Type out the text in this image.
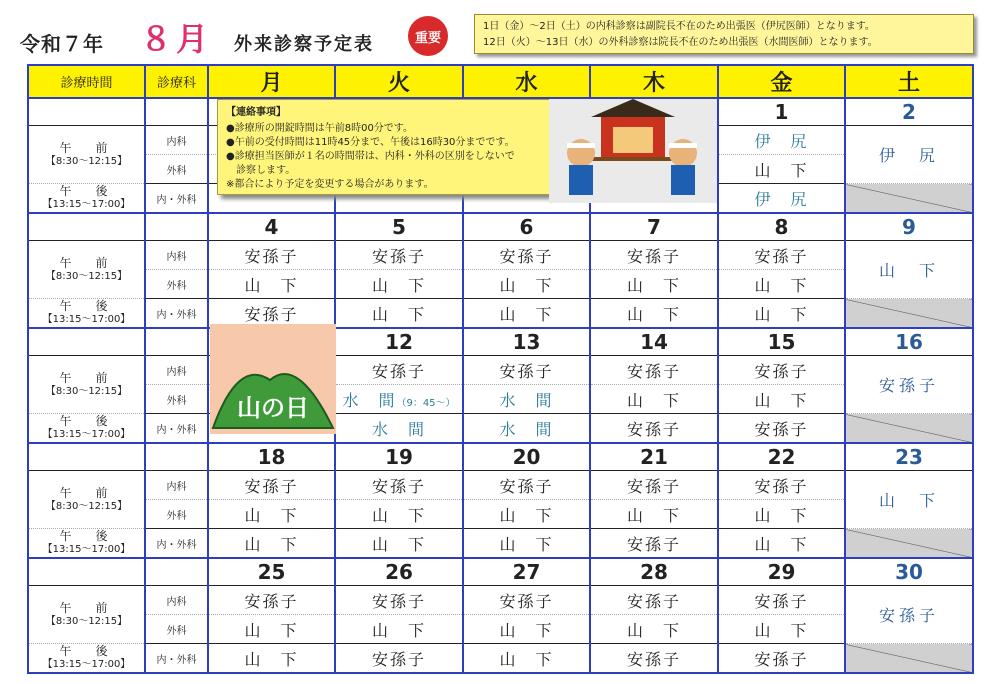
令和７年 ８月 外来診察予定表	重要
1日（金）～2日（土）の内科診察は副院長不在のため出張医（伊尻医師）となります。
12日（火）～13日（水）の外科診察は院長不在のため出張医（水間医師）となります。
診療時間	診療科	月	火	水	木	金	土
						1	2

午　前
【8:30～12:15】	内科					伊　尻	伊　尻
	外科					山　下	

午　後
【13:15～17:00】	内・外科					伊　尻	
		4	5	6	7	8	9

午　前
【8:30～12:15】	内科	安孫子	安孫子	安孫子	安孫子	安孫子	山　下
	外科	山　下	山　下	山　下	山　下	山　下	

午　後
【13:15～17:00】	内・外科	安孫子	山　下	山　下	山　下	山　下	
			12	13	14	15	16

午　前
【8:30～12:15】	内科		安孫子	安孫子	安孫子	安孫子	安孫子
	外科		水　間（9：45～）	水　間	山　下	山　下	

午　後
【13:15～17:00】	内・外科		水　間	水　間	安孫子	安孫子	
		18	19	20	21	22	23

午　前
【8:30～12:15】	内科	安孫子	安孫子	安孫子	安孫子	安孫子	山　下
	外科	山　下	山　下	山　下	山　下	山　下	

午　後
【13:15～17:00】	内・外科	山　下	山　下	山　下	安孫子	山　下	
		25	26	27	28	29	30

午　前
【8:30～12:15】	内科	安孫子	安孫子	安孫子	安孫子	安孫子	安孫子
	外科	山　下	山　下	山　下	山　下	山　下	

午　後
【13:15～17:00】	内・外科	山　下	安孫子	山　下	安孫子	安孫子	
【連絡事項】
●診療所の開錠時間は午前8時00分です。
●午前の受付時間は11時45分まで、午後は16時30分までです。
●診療担当医師が１名の時間帯は、内科・外科の区別をしないで
　診察します。
※都合により予定を変更する場合があります。
山の日
